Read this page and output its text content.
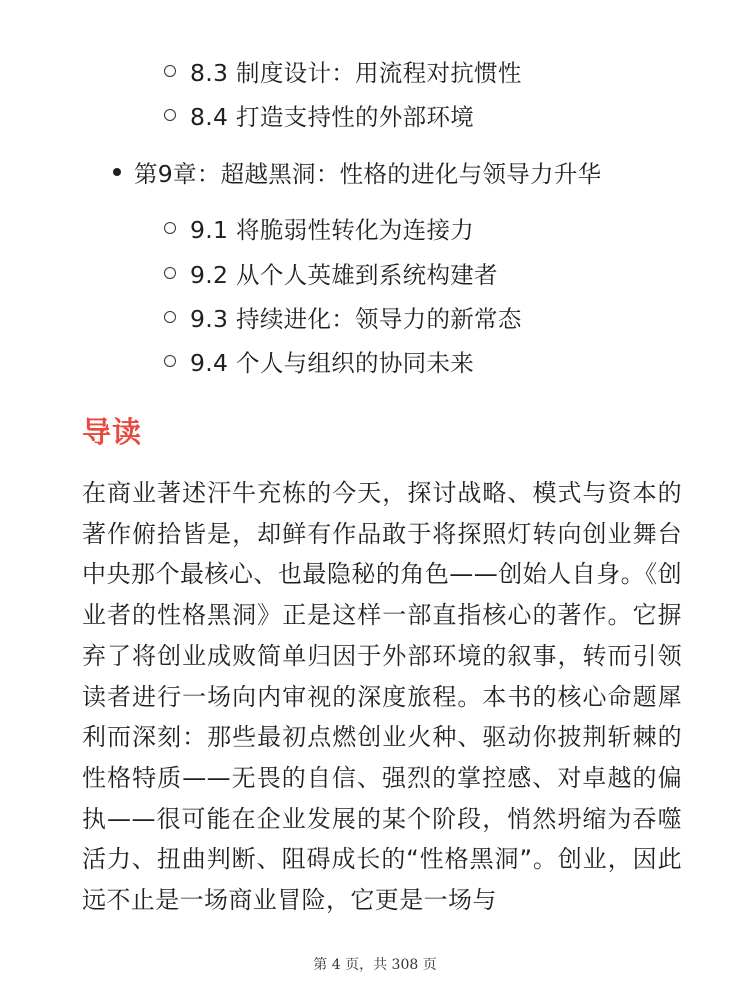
8.3 制度设计：用流程对抗惯性
8.4 打造支持性的外部环境
第9章：超越黑洞：性格的进化与领导力升华
9.1 将脆弱性转化为连接力
9.2 从个人英雄到系统构建者
9.3 持续进化：领导力的新常态
9.4 个人与组织的协同未来
导读
在商业著述汗牛充栋的今天，探讨战略、模式与资本的著作俯拾皆是，却鲜有作品敢于将探照灯转向创业舞台中央那个最核心、也最隐秘的角色——创始人自身。《创业者的性格黑洞》正是这样一部直指核心的著作。它摒弃了将创业成败简单归因于外部环境的叙事，转而引领读者进行一场向内审视的深度旅程。本书的核心命题犀利而深刻：那些最初点燃创业火种、驱动你披荆斩棘的性格特质——无畏的自信、强烈的掌控感、对卓越的偏执——很可能在企业发展的某个阶段，悄然坍缩为吞噬活力、扭曲判断、阻碍成长的“性格黑洞”。创业，因此远不止是一场商业冒险，它更是一场与
第 4 页，共 308 页
